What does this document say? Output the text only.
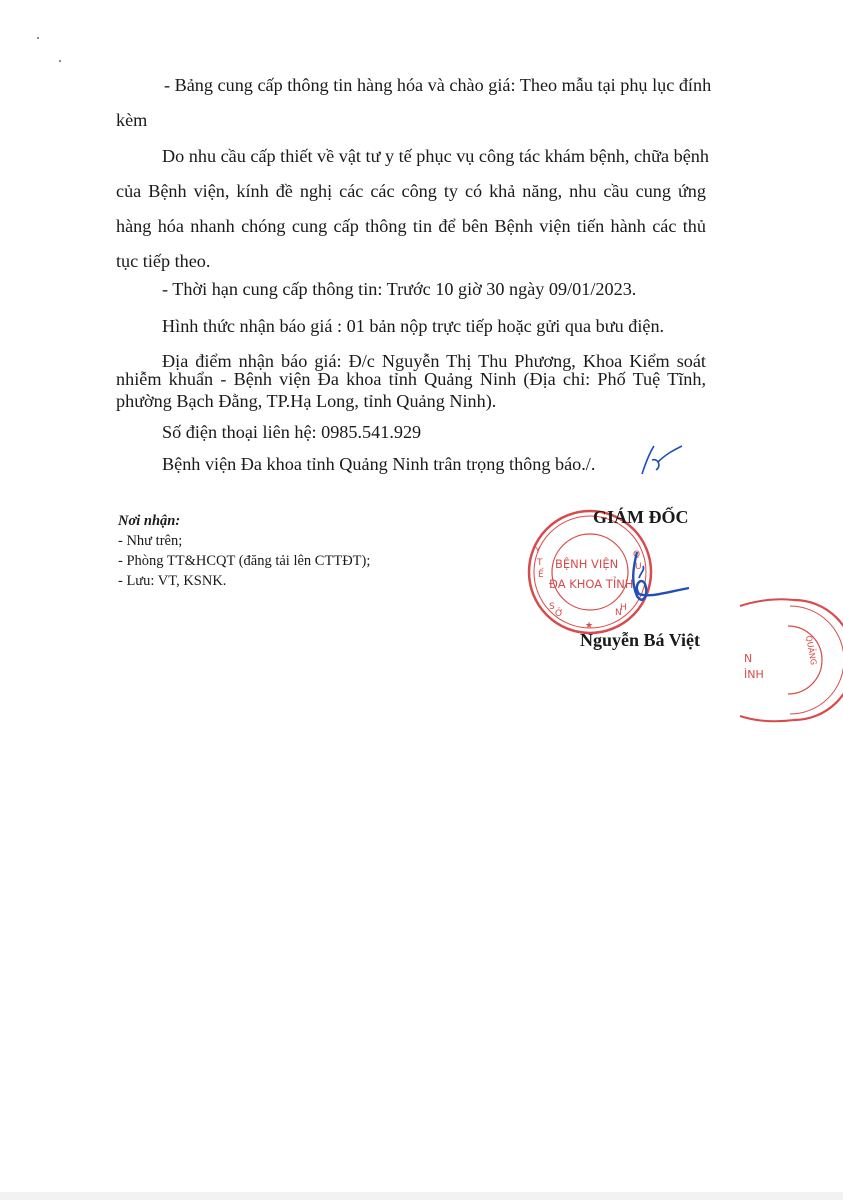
- Bảng cung cấp thông tin hàng hóa và chào giá: Theo mẫu tại phụ lục đính
kèm
Do nhu cầu cấp thiết về vật tư y tế phục vụ công tác khám bệnh, chữa bệnh
của Bệnh viện, kính đề nghị các các công ty có khả năng, nhu cầu cung ứng
hàng hóa nhanh chóng cung cấp thông tin để bên Bệnh viện tiến hành các thủ
tục tiếp theo.
- Thời hạn cung cấp thông tin: Trước 10 giờ 30 ngày 09/01/2023.
Hình thức nhận báo giá : 01 bản nộp trực tiếp hoặc gửi qua bưu điện.
Địa điểm nhận báo giá: Đ/c Nguyễn Thị Thu Phương, Khoa Kiểm soát
nhiễm khuẩn - Bệnh viện Đa khoa tỉnh Quảng Ninh (Địa chỉ: Phố Tuệ Tĩnh,
phường Bạch Đằng, TP.Hạ Long, tỉnh Quảng Ninh).
Số điện thoại liên hệ: 0985.541.929
Bệnh viện Đa khoa tỉnh Quảng Ninh trân trọng thông báo./.
Nơi nhận:
- Như trên;
- Phòng TT&HCQT (đăng tải lên CTTĐT);
- Lưu: VT, KSNK.
Y
T
Ế
S
Ở
★
Q
U
N
H
BỆNH VIỆN
ĐA KHOA TỈNH
QUẢNG
N
ÌNH
GIÁM ĐỐC
Nguyễn Bá Việt
